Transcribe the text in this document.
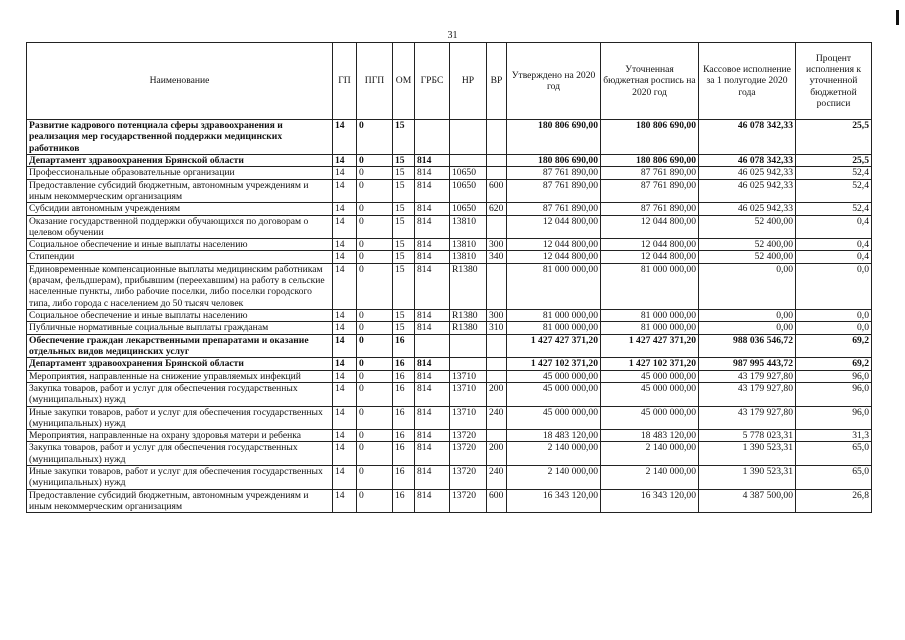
31
Наименование	ГП	ПГП	ОМ	ГРБС	НР	ВР	Утверждено на 2020 год	Уточненная бюджетная роспись на 2020 год	Кассовое исполнение за 1 полугодие 2020 года	Процент исполнения к уточненной бюджетной росписи
Развитие кадрового потенциала сферы здравоохранения и реализация мер государственной поддержки медицинских работников	14	0	15				180 806 690,00	180 806 690,00	46 078 342,33	25,5
Департамент здравоохранения Брянской области	14	0	15	814			180 806 690,00	180 806 690,00	46 078 342,33	25,5
Профессиональные образовательные организации	14	0	15	814	10650		87 761 890,00	87 761 890,00	46 025 942,33	52,4
Предоставление субсидий бюджетным, автономным учреждениям и иным некоммерческим организациям	14	0	15	814	10650	600	87 761 890,00	87 761 890,00	46 025 942,33	52,4
Субсидии автономным учреждениям	14	0	15	814	10650	620	87 761 890,00	87 761 890,00	46 025 942,33	52,4
Оказание государственной поддержки обучающихся по договорам о целевом обучении	14	0	15	814	13810		12 044 800,00	12 044 800,00	52 400,00	0,4
Социальное обеспечение и иные выплаты населению	14	0	15	814	13810	300	12 044 800,00	12 044 800,00	52 400,00	0,4
Стипендии	14	0	15	814	13810	340	12 044 800,00	12 044 800,00	52 400,00	0,4
Единовременные компенсационные выплаты медицинским работникам (врачам, фельдшерам), прибывшим (переехавшим) на работу в сельские населенные пункты, либо рабочие поселки, либо поселки городского типа, либо города с населением до 50 тысяч человек	14	0	15	814	R1380		81 000 000,00	81 000 000,00	0,00	0,0
Социальное обеспечение и иные выплаты населению	14	0	15	814	R1380	300	81 000 000,00	81 000 000,00	0,00	0,0
Публичные нормативные социальные выплаты гражданам	14	0	15	814	R1380	310	81 000 000,00	81 000 000,00	0,00	0,0
Обеспечение граждан лекарственными препаратами и оказание отдельных видов медицинских услуг	14	0	16				1 427 427 371,20	1 427 427 371,20	988 036 546,72	69,2
Департамент здравоохранения Брянской области	14	0	16	814			1 427 102 371,20	1 427 102 371,20	987 995 443,72	69,2
Мероприятия, направленные на снижение управляемых инфекций	14	0	16	814	13710		45 000 000,00	45 000 000,00	43 179 927,80	96,0
Закупка товаров, работ и услуг для обеспечения государственных (муниципальных) нужд	14	0	16	814	13710	200	45 000 000,00	45 000 000,00	43 179 927,80	96,0
Иные закупки товаров, работ и услуг для обеспечения государственных (муниципальных) нужд	14	0	16	814	13710	240	45 000 000,00	45 000 000,00	43 179 927,80	96,0
Мероприятия, направленные на охрану здоровья матери и ребенка	14	0	16	814	13720		18 483 120,00	18 483 120,00	5 778 023,31	31,3
Закупка товаров, работ и услуг для обеспечения государственных (муниципальных) нужд	14	0	16	814	13720	200	2 140 000,00	2 140 000,00	1 390 523,31	65,0
Иные закупки товаров, работ и услуг для обеспечения государственных (муниципальных) нужд	14	0	16	814	13720	240	2 140 000,00	2 140 000,00	1 390 523,31	65,0
Предоставление субсидий бюджетным, автономным учреждениям и иным некоммерческим организациям	14	0	16	814	13720	600	16 343 120,00	16 343 120,00	4 387 500,00	26,8
